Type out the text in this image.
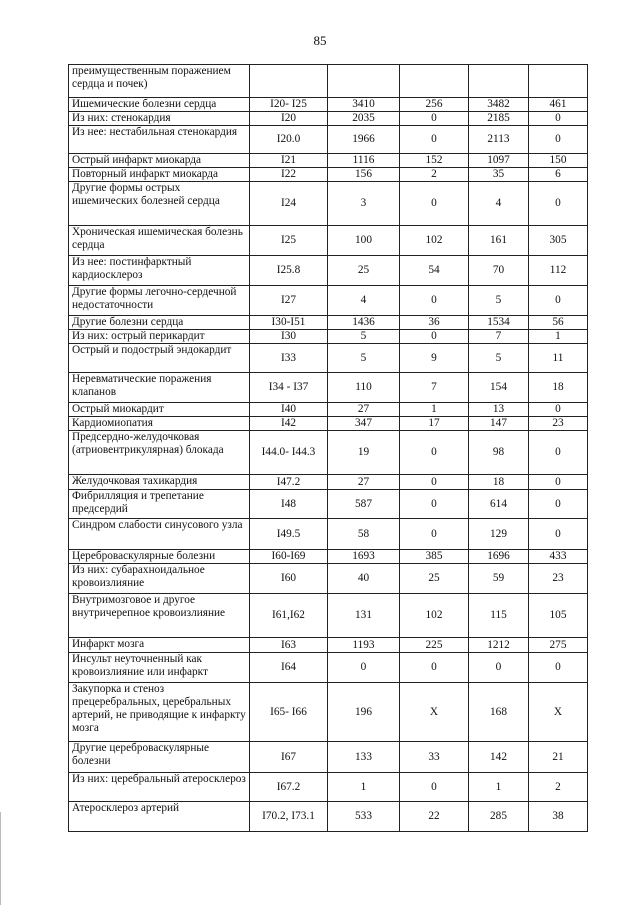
85
преимущественным поражением сердца и почек)					
Ишемические болезни сердца	I20- I25	3410	256	3482	461
Из них: стенокардия	I20	2035	0	2185	0
Из нее: нестабильная стенокардия	I20.0	1966	0	2113	0
Острый инфаркт миокарда	I21	1116	152	1097	150
Повторный инфаркт миокарда	I22	156	2	35	6
Другие формы острых ишемических болезней сердца	I24	3	0	4	0
Хроническая ишемическая болезнь сердца	I25	100	102	161	305
Из нее: постинфарктный кардиосклероз	I25.8	25	54	70	112
Другие формы легочно-сердечной недостаточности	I27	4	0	5	0
Другие болезни сердца	I30-I51	1436	36	1534	56
Из них: острый перикардит	I30	5	0	7	1
Острый и подострый эндокардит	I33	5	9	5	11
Неревматические поражения клапанов	I34 - I37	110	7	154	18
Острый миокардит	I40	27	1	13	0
Кардиомиопатия	I42	347	17	147	23
Предсердно-желудочковая (атриовентрикулярная) блокада	I44.0- I44.3	19	0	98	0
Желудочковая тахикардия	I47.2	27	0	18	0
Фибрилляция и трепетание предсердий	I48	587	0	614	0
Синдром слабости синусового узла	I49.5	58	0	129	0
Цереброваскулярные болезни	I60-I69	1693	385	1696	433
Из них: субарахноидальное кровоизлияние	I60	40	25	59	23
Внутримозговое и другое внутричерепное кровоизлияние	I61,I62	131	102	115	105
Инфаркт мозга	I63	1193	225	1212	275
Инсульт неуточненный как кровоизлияние или инфаркт	I64	0	0	0	0
Закупорка и стеноз прецеребральных, церебральных артерий, не приводящие к инфаркту мозга	I65- I66	196	X	168	X
Другие цереброваскулярные болезни	I67	133	33	142	21
Из них: церебральный атеросклероз	I67.2	1	0	1	2
Атеросклероз артерий	I70.2, I73.1	533	22	285	38
